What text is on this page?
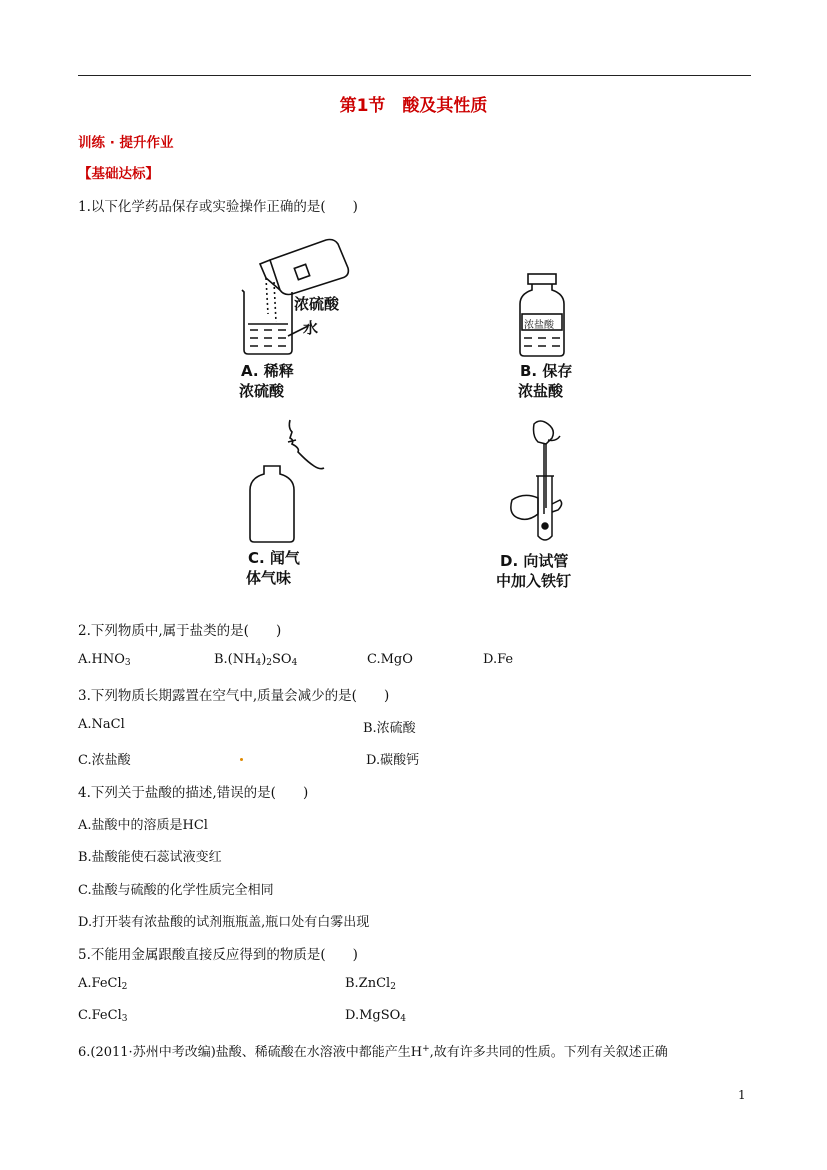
第1节　酸及其性质
训练 · 提升作业
【基础达标】
1.以下化学药品保存或实验操作正确的是(　　)
浓硫酸
水
A. 稀释
浓硫酸
浓盐酸
B. 保存
浓盐酸
C. 闻气
体气味
D. 向试管
中加入铁钉
2.下列物质中,属于盐类的是(　　)
$A.HNO_3$	$B.(NH_4)_2SO_4$	C.MgO	D.Fe
3.下列物质长期露置在空气中,质量会减少的是(　　)
A.NaCl	B.浓硫酸
C.浓盐酸	D.碳酸钙
4.下列关于盐酸的描述,错误的是(　　)
A.盐酸中的溶质是HCl
B.盐酸能使石蕊试液变红
C.盐酸与硫酸的化学性质完全相同
D.打开装有浓盐酸的试剂瓶瓶盖,瓶口处有白雾出现
5.不能用金属跟酸直接反应得到的物质是(　　)
A.FeCl$_2$	B.ZnCl$_2$
C.FeCl$_3$	D.MgSO$_4$
6.(2011·苏州中考改编)盐酸、稀硫酸在水溶液中都能产生H+,故有许多共同的性质。下列有关叙述正确
1
